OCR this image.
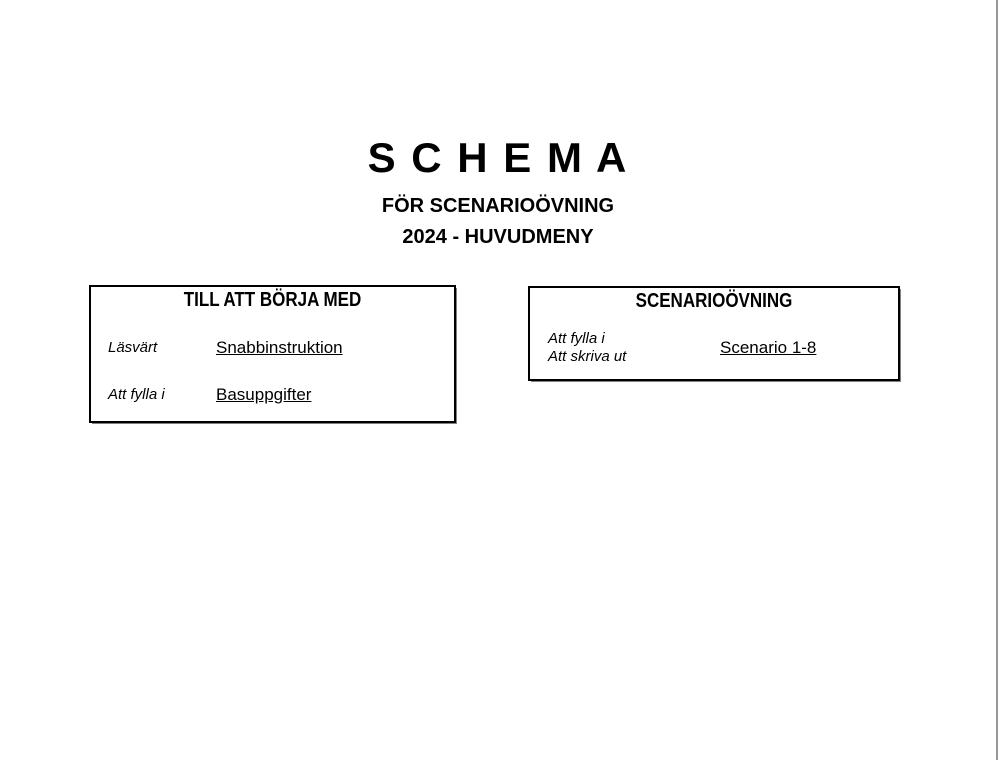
S C H E M A
FÖR SCENARIOÖVNING
2024 - HUVUDMENY
TILL ATT BÖRJA MED
Läsvärt	Snabbinstruktion
Att fylla i	Basuppgifter
SCENARIOÖVNING
Att fylla i
Att skriva ut	Scenario 1-8
